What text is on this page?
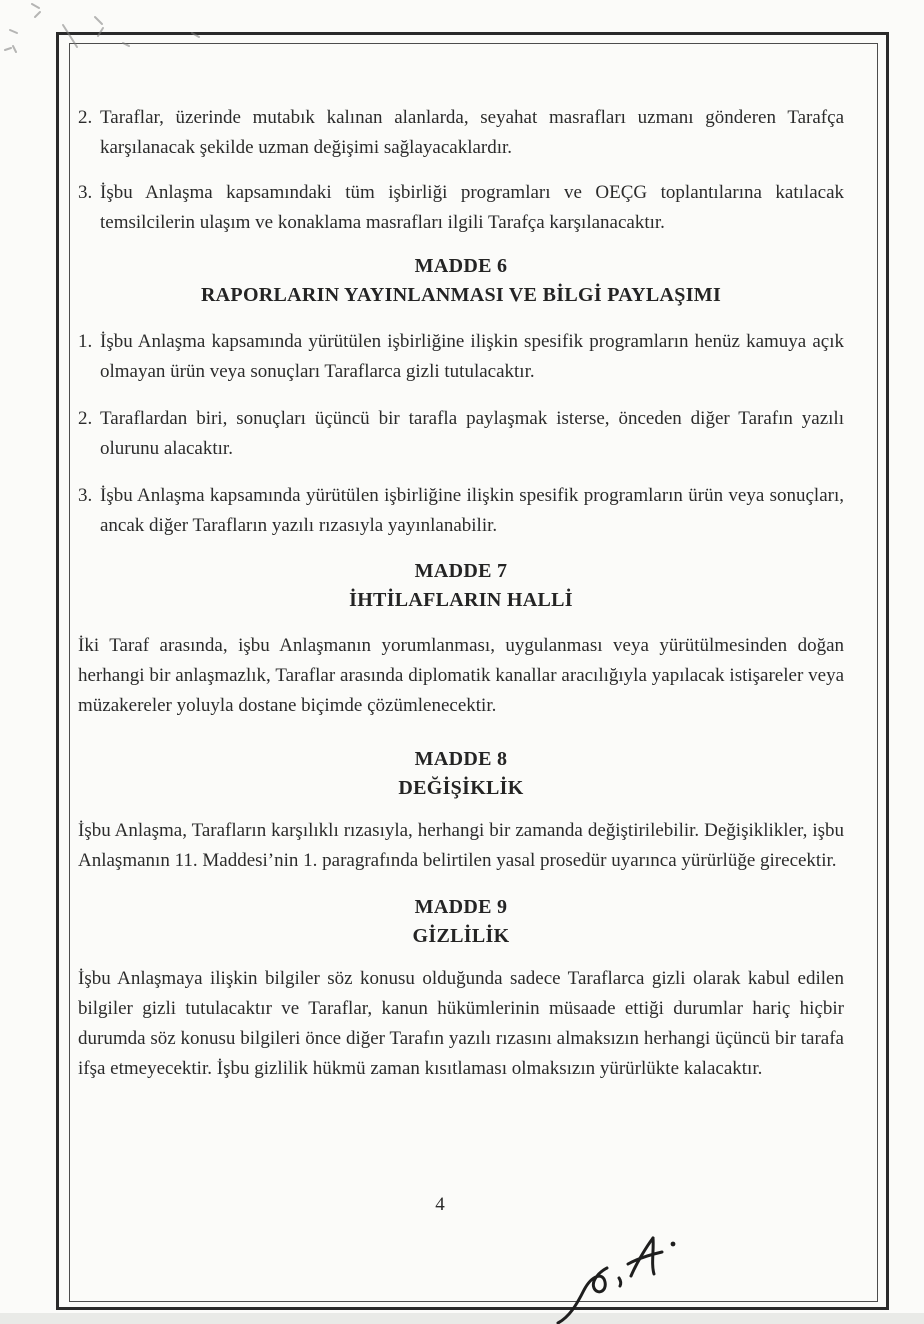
2. Taraflar, üzerinde mutabık kalınan alanlarda, seyahat masrafları uzmanı gönderen Tarafça karşılanacak şekilde uzman değişimi sağlayacaklardır.
3. İşbu Anlaşma kapsamındaki tüm işbirliği programları ve OEÇG toplantılarına katılacak temsilcilerin ulaşım ve konaklama masrafları ilgili Tarafça karşılanacaktır.
MADDE 6
RAPORLARIN YAYINLANMASI VE BİLGİ PAYLAŞIMI
1. İşbu Anlaşma kapsamında yürütülen işbirliğine ilişkin spesifik programların henüz kamuya açık olmayan ürün veya sonuçları Taraflarca gizli tutulacaktır.
2. Taraflardan biri, sonuçları üçüncü bir tarafla paylaşmak isterse, önceden diğer Tarafın yazılı olurunu alacaktır.
3. İşbu Anlaşma kapsamında yürütülen işbirliğine ilişkin spesifik programların ürün veya sonuçları, ancak diğer Tarafların yazılı rızasıyla yayınlanabilir.
MADDE 7
İHTİLAFLARIN HALLİ

İki Taraf arasında, işbu Anlaşmanın yorumlanması, uygulanması veya yürütülmesinden doğan herhangi bir anlaşmazlık, Taraflar arasında diplomatik kanallar aracılığıyla yapılacak istişareler veya müzakereler yoluyla dostane biçimde çözümlenecektir.

MADDE 8
DEĞİŞİKLİK

İşbu Anlaşma, Tarafların karşılıklı rızasıyla, herhangi bir zamanda değiştirilebilir. Değişiklikler, işbu Anlaşmanın 11. Maddesi’nin 1. paragrafında belirtilen yasal prosedür uyarınca yürürlüğe girecektir.

MADDE 9
GİZLİLİK

İşbu Anlaşmaya ilişkin bilgiler söz konusu olduğunda sadece Taraflarca gizli olarak kabul edilen bilgiler gizli tutulacaktır ve Taraflar, kanun hükümlerinin müsaade ettiği durumlar hariç hiçbir durumda söz konusu bilgileri önce diğer Tarafın yazılı rızasını almaksızın herhangi üçüncü bir tarafa ifşa etmeyecektir. İşbu gizlilik hükmü zaman kısıtlaması olmaksızın yürürlükte kalacaktır.

4
